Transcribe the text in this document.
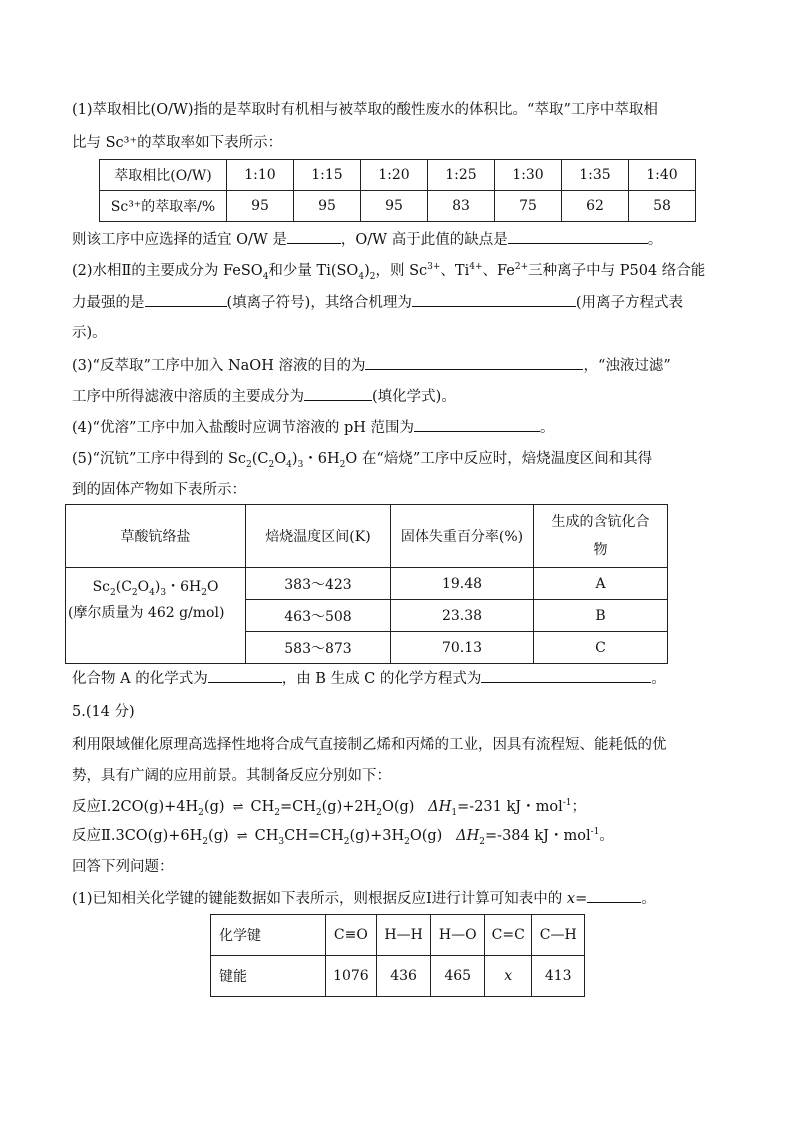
(1)萃取相比(O/W)指的是萃取时有机相与被萃取的酸性废水的体积比。“萃取”工序中萃取相
比与 Sc³⁺的萃取率如下表所示：
萃取相比(O/W)	1:10	1:15	1:20	1:25	1:30	1:35	1:40
Sc³⁺的萃取率/%	95	95	95	83	75	62	58
则该工序中应选择的适宜 O/W 是	，O/W 高于此值的缺点是	。
(2)水相Ⅱ的主要成分为 FeSO$_4$和少量 $Ti(SO_4)_2$，则 $Sc^{3+}$、$Ti^{4+}$、$Fe^{2+}$三种离子中与 P504 络合能
力最强的是	(填离子符号)，其络合机理为	(用离子方程式表
示)。
(3)“反萃取”工序中加入 NaOH 溶液的目的为	，“浊液过滤”
工序中所得滤液中溶质的主要成分为	(填化学式)。
(4)“优溶”工序中加入盐酸时应调节溶液的 pH 范围为	。
(5)“沉钪”工序中得到的 $Sc_2(C_2O_4)_3$・$6H_2O$ 在“焙烧”工序中反应时，焙烧温度区间和其得
到的固体产物如下表所示：
草酸钪络盐	焙烧温度区间(K)	固体失重百分率(%)	生成的含钪化合
物

$Sc_2(C_2O_4)_3$・$6H_2O$
(摩尔质量为 462 g/mol)	383～423	19.48	A
	463～508	23.38	B
	583～873	70.13	C
化合物 A 的化学式为	，由 B 生成 C 的化学方程式为	。
5.(14 分)
利用限域催化原理高选择性地将合成气直接制乙烯和丙烯的工业，因具有流程短、能耗低的优
势，具有广阔的应用前景。其制备反应分别如下：
反应$Ⅰ.2CO(g)+4H_2(g)$ ⇌ $CH_2=CH_2(g)+2H_2O(g)$ $\Delta H_1=-231$ kJ・mol$^{-1}$；
反应$Ⅱ.3CO(g)+6H_2(g)$ ⇌ $CH_3CH=CH_2(g)+3H_2O(g)$ $\Delta H_2=-384$ kJ・mol$^{-1}$。
回答下列问题：
(1)已知相关化学键的键能数据如下表所示，则根据反应Ⅰ进行计算可知表中的 x=	。
化学键	C≡O	H—H	H—O	C=C	C—H
键能	1076	436	465	x	413
